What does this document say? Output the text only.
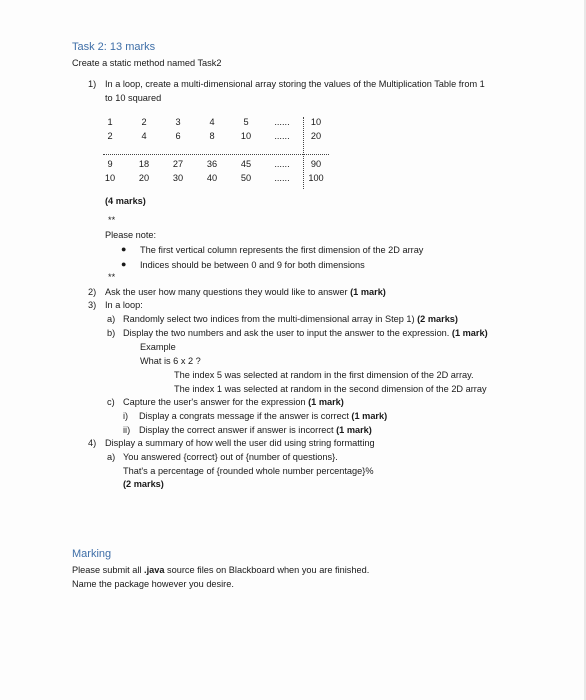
Task 2: 13 marks
Create a static method named Task2
1) In a loop, create a multi-dimensional array storing the values of the Multiplication Table from 1
to 10 squared
1	2	3	4	5	......	10
2	4	6	8	10	......	20
9	18	27	36	45	......	90
10	20	30	40	50	......	100
(4 marks)
**
Please note:
● The first vertical column represents the first dimension of the 2D array
● Indices should be between 0 and 9 for both dimensions
**
2) Ask the user how many questions they would like to answer (1 mark)
3) In a loop:
a) Randomly select two indices from the multi-dimensional array in Step 1) (2 marks)
b) Display the two numbers and ask the user to input the answer to the expression. (1 mark)
Example
What is 6 x 2 ?
The index 5 was selected at random in the first dimension of the 2D array.
The index 1 was selected at random in the second dimension of the 2D array
c) Capture the user's answer for the expression (1 mark)
i) Display a congrats message if the answer is correct (1 mark)
ii) Display the correct answer if answer is incorrect (1 mark)
4) Display a summary of how well the user did using string formatting
a) You answered {correct} out of {number of questions}.
That's a percentage of {rounded whole number percentage}%
(2 marks)
Marking
Please submit all .java source files on Blackboard when you are finished.
Name the package however you desire.
